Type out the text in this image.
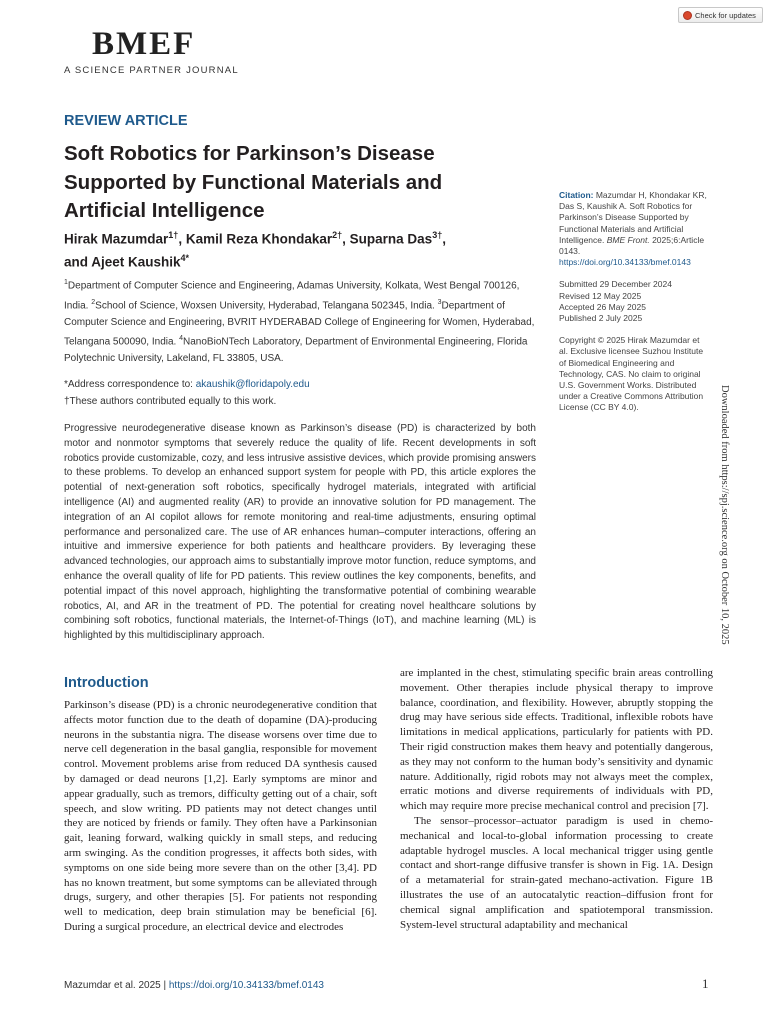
BMEF
A SCIENCE PARTNER JOURNAL
Check for updates
REVIEW ARTICLE
Soft Robotics for Parkinson’s Disease Supported by Functional Materials and Artificial Intelligence
Hirak Mazumdar$^{1\dagger}$, Kamil Reza Khondakar$^{2\dagger}$, Suparna Das$^{3\dagger}$,
and Ajeet Kaushik$^{4*}$
$^1$Department of Computer Science and Engineering, Adamas University, Kolkata, West Bengal 700126, India. $^2$School of Science, Woxsen University, Hyderabad, Telangana 502345, India. $^3$Department of Computer Science and Engineering, BVRIT HYDERABAD College of Engineering for Women, Hyderabad, Telangana 500090, India. $^4$NanoBioNTech Laboratory, Department of Environmental Engineering, Florida Polytechnic University, Lakeland, FL 33805, USA.
*Address correspondence to: akaushik@floridapoly.edu
†These authors contributed equally to this work.

Progressive neurodegenerative disease known as Parkinson’s disease (PD) is characterized by both motor and nonmotor symptoms that severely reduce the quality of life. Recent developments in soft robotics provide customizable, cozy, and less intrusive assistive devices, which provide promising answers to these problems. To develop an enhanced support system for people with PD, this article explores the potential of next-generation soft robotics, specifically hydrogel materials, integrated with artificial intelligence (AI) and augmented reality (AR) to provide an innovative solution for PD management. The integration of an AI copilot allows for remote monitoring and real-time adjustments, ensuring optimal performance and personalized care. The use of AR enhances human–computer interactions, offering an intuitive and immersive experience for both patients and healthcare providers. By leveraging these advanced technologies, our approach aims to substantially improve motor function, reduce symptoms, and enhance the overall quality of life for PD patients. This review outlines the key components, benefits, and potential impact of this novel approach, highlighting the transformative potential of combining wearable robotics, AI, and AR in the treatment of PD. The potential for creating novel healthcare solutions by combining soft robotics, functional materials, the Internet-of-Things (IoT), and machine learning (ML) is highlighted by this multidisciplinary approach.

Citation: Mazumdar H, Khondakar KR, Das S, Kaushik A. Soft Robotics for Parkinson’s Disease Supported by Functional Materials and Artificial Intelligence. BME Front. 2025;6:Article 0143. https://doi.org/10.34133/bmef.0143
Submitted 29 December 2024
Revised 12 May 2025
Accepted 26 May 2025
Published 2 July 2025
Copyright © 2025 Hirak Mazumdar et al. Exclusive licensee Suzhou Institute of Biomedical Engineering and Technology, CAS. No claim to original U.S. Government Works. Distributed under a Creative Commons Attribution License (CC BY 4.0).	Downloaded from https://spj.science.org on October 10, 2025
Introduction

Parkinson’s disease (PD) is a chronic neurodegenerative condition that affects motor function due to the death of dopamine (DA)-producing neurons in the substantia nigra. The disease worsens over time due to nerve cell degeneration in the basal ganglia, responsible for movement control. Movement problems arise from reduced DA synthesis caused by damaged or dead neurons [1,2]. Early symptoms are minor and appear gradually, such as tremors, difficulty getting out of a chair, soft speech, and slow writing. PD patients may not detect changes until they are noticed by friends or family. They often have a Parkinsonian gait, leaning forward, walking quickly in small steps, and reducing arm swinging. As the condition progresses, it affects both sides, with symptoms on one side being more severe than on the other [3,4]. PD has no known treatment, but some symptoms can be alleviated through drugs, surgery, and other therapies [5]. For patients not responding well to medication, deep brain stimulation may be beneficial [6]. During a surgical procedure, an electrical device and electrodes

are implanted in the chest, stimulating specific brain areas controlling movement. Other therapies include physical therapy to improve balance, coordination, and flexibility. However, abruptly stopping the drug may have serious side effects. Traditional, inflexible robots have limitations in medical applications, particularly for patients with PD. Their rigid construction makes them heavy and potentially dangerous, as they may not conform to the human body’s sensitivity and dynamic nature. Additionally, rigid robots may not always meet the complex, erratic motions and diverse requirements of individuals with PD, which may require more precise mechanical control and precision [7].

The sensor–processor–actuator paradigm is used in chemo-mechanical and local-to-global information processing to create adaptable hydrogel muscles. A local mechanical trigger using gentle contact and short-range diffusive transfer is shown in Fig. 1A. Design of a metamaterial for strain-gated mechano-activation. Figure 1B illustrates the use of an autocatalytic reaction–diffusion front for chemical signal amplification and spatiotemporal transmission. System-level structural adaptability and mechanical

Mazumdar et al. 2025 | https://doi.org/10.34133/bmef.0143	1
